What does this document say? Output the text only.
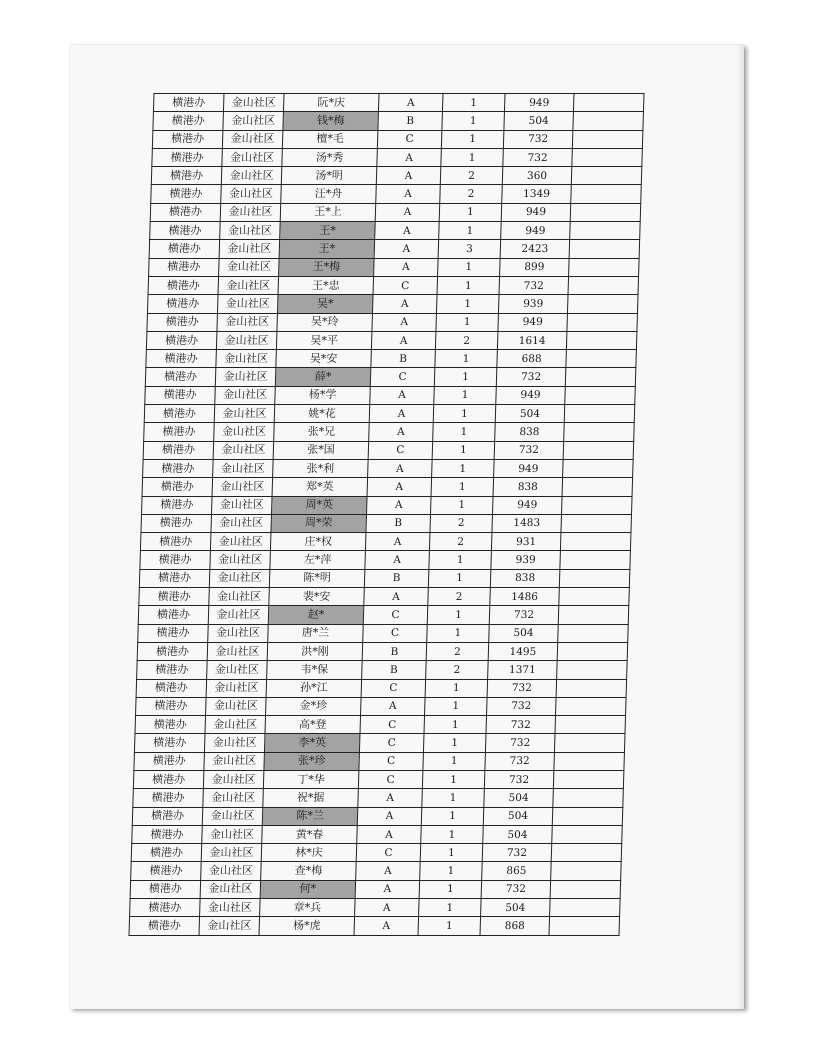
横港办	金山社区	阮*庆	A	1	949	
横港办	金山社区	钱*梅	B	1	504	
横港办	金山社区	檀*毛	C	1	732	
横港办	金山社区	汤*秀	A	1	732	
横港办	金山社区	汤*明	A	2	360	
横港办	金山社区	汪*舟	A	2	1349	
横港办	金山社区	王*上	A	1	949	
横港办	金山社区	王*	A	1	949	
横港办	金山社区	王*	A	3	2423	
横港办	金山社区	王*梅	A	1	899	
横港办	金山社区	王*忠	C	1	732	
横港办	金山社区	吴*	A	1	939	
横港办	金山社区	吴*玲	A	1	949	
横港办	金山社区	吴*平	A	2	1614	
横港办	金山社区	吴*安	B	1	688	
横港办	金山社区	薛*	C	1	732	
横港办	金山社区	杨*学	A	1	949	
横港办	金山社区	姚*花	A	1	504	
横港办	金山社区	张*兄	A	1	838	
横港办	金山社区	张*国	C	1	732	
横港办	金山社区	张*利	A	1	949	
横港办	金山社区	郑*英	A	1	838	
横港办	金山社区	周*英	A	1	949	
横港办	金山社区	周*荣	B	2	1483	
横港办	金山社区	庄*权	A	2	931	
横港办	金山社区	左*萍	A	1	939	
横港办	金山社区	陈*明	B	1	838	
横港办	金山社区	裴*安	A	2	1486	
横港办	金山社区	赵*	C	1	732	
横港办	金山社区	唐*兰	C	1	504	
横港办	金山社区	洪*刚	B	2	1495	
横港办	金山社区	韦*保	B	2	1371	
横港办	金山社区	孙*江	C	1	732	
横港办	金山社区	金*珍	A	1	732	
横港办	金山社区	高*登	C	1	732	
横港办	金山社区	李*英	C	1	732	
横港办	金山社区	张*珍	C	1	732	
横港办	金山社区	丁*华	C	1	732	
横港办	金山社区	祝*据	A	1	504	
横港办	金山社区	陈*兰	A	1	504	
横港办	金山社区	黄*春	A	1	504	
横港办	金山社区	林*庆	C	1	732	
横港办	金山社区	查*梅	A	1	865	
横港办	金山社区	何*	A	1	732	
横港办	金山社区	章*兵	A	1	504	
横港办	金山社区	杨*虎	A	1	868	
